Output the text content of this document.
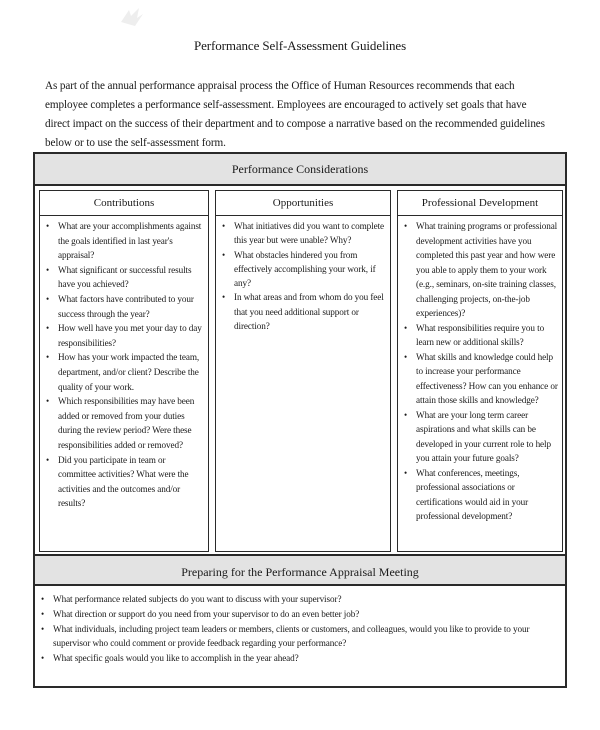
Performance Self-Assessment Guidelines
As part of the annual performance appraisal process the Office of Human Resources recommends that each employee completes a performance self-assessment. Employees are encouraged to actively set goals that have direct impact on the success of their department and to compose a narrative based on the recommended guidelines below or to use the self-assessment form.
Performance Considerations
Contributions
• What are your accomplishments against the goals identified in last year's appraisal?
• What significant or successful results have you achieved?
• What factors have contributed to your success through the year?
• How well have you met your day to day responsibilities?
• How has your work impacted the team, department, and/or client? Describe the quality of your work.
• Which responsibilities may have been added or removed from your duties during the review period? Were these responsibilities added or removed?
• Did you participate in team or committee activities? What were the activities and the outcomes and/or results?
Opportunities
• What initiatives did you want to complete this year but were unable? Why?
• What obstacles hindered you from effectively accomplishing your work, if any?
• In what areas and from whom do you feel that you need additional support or direction?
Professional Development
• What training programs or professional development activities have you completed this past year and how were you able to apply them to your work (e.g., seminars, on-site training classes, challenging projects, on-the-job experiences)?
• What responsibilities require you to learn new or additional skills?
• What skills and knowledge could help to increase your performance effectiveness? How can you enhance or attain those skills and knowledge?
• What are your long term career aspirations and what skills can be developed in your current role to help you attain your future goals?
• What conferences, meetings, professional associations or certifications would aid in your professional development?
Preparing for the Performance Appraisal Meeting
• What performance related subjects do you want to discuss with your supervisor?
• What direction or support do you need from your supervisor to do an even better job?
• What individuals, including project team leaders or members, clients or customers, and colleagues, would you like to provide to your supervisor who could comment or provide feedback regarding your performance?
• What specific goals would you like to accomplish in the year ahead?
